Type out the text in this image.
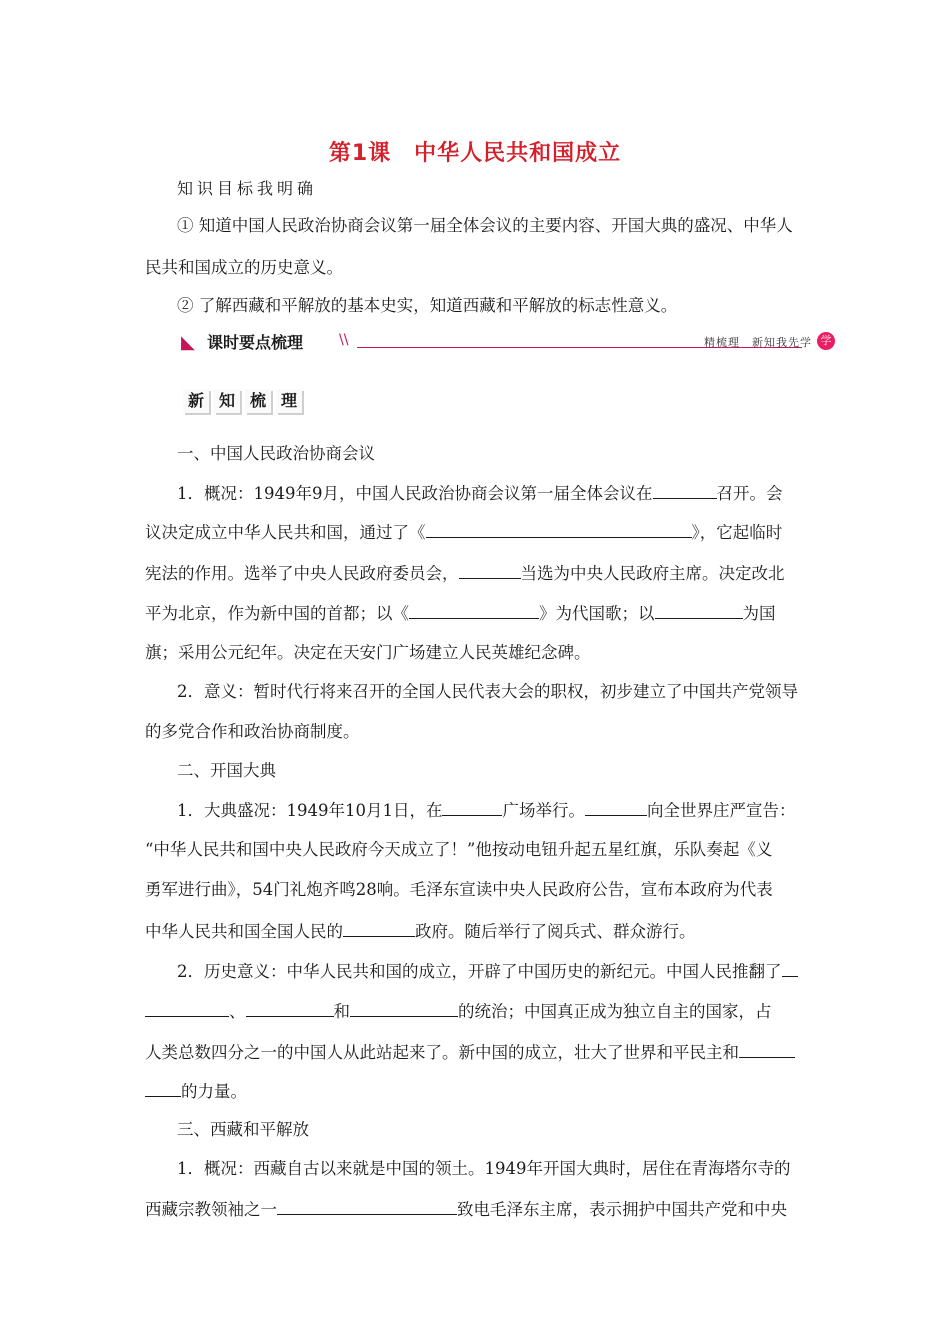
第1课　中华人民共和国成立
知识目标我明确
① 知道中国人民政治协商会议第一届全体会议的主要内容、开国大典的盛况、中华人
民共和国成立的历史意义。
② 了解西藏和平解放的基本史实，知道西藏和平解放的标志性意义。
◣ 课时要点梳理	\\	精梳理　新知我先学 学
新 知 梳 理
一、中国人民政治协商会议
1．概况：1949年9月，中国人民政治协商会议第一届全体会议在	召开。会
议决定成立中华人民共和国，通过了《	》，它起临时
宪法的作用。选举了中央人民政府委员会，	当选为中央人民政府主席。决定改北
平为北京，作为新中国的首都；以《	》为代国歌；以	为国
旗；采用公元纪年。决定在天安门广场建立人民英雄纪念碑。
2．意义：暂时代行将来召开的全国人民代表大会的职权，初步建立了中国共产党领导
的多党合作和政治协商制度。
二、开国大典
1．大典盛况：1949年10月1日，在	广场举行。	向全世界庄严宣告：
“中华人民共和国中央人民政府今天成立了！”他按动电钮升起五星红旗，乐队奏起《义
勇军进行曲》，54门礼炮齐鸣28响。毛泽东宣读中央人民政府公告，宣布本政府为代表
中华人民共和国全国人民的	政府。随后举行了阅兵式、群众游行。
2．历史意义：中华人民共和国的成立，开辟了中国历史的新纪元。中国人民推翻了
、	和	的统治；中国真正成为独立自主的国家，占
人类总数四分之一的中国人从此站起来了。新中国的成立，壮大了世界和平民主和
的力量。
三、西藏和平解放
1．概况：西藏自古以来就是中国的领土。1949年开国大典时，居住在青海塔尔寺的
西藏宗教领袖之一	致电毛泽东主席，表示拥护中国共产党和中央
